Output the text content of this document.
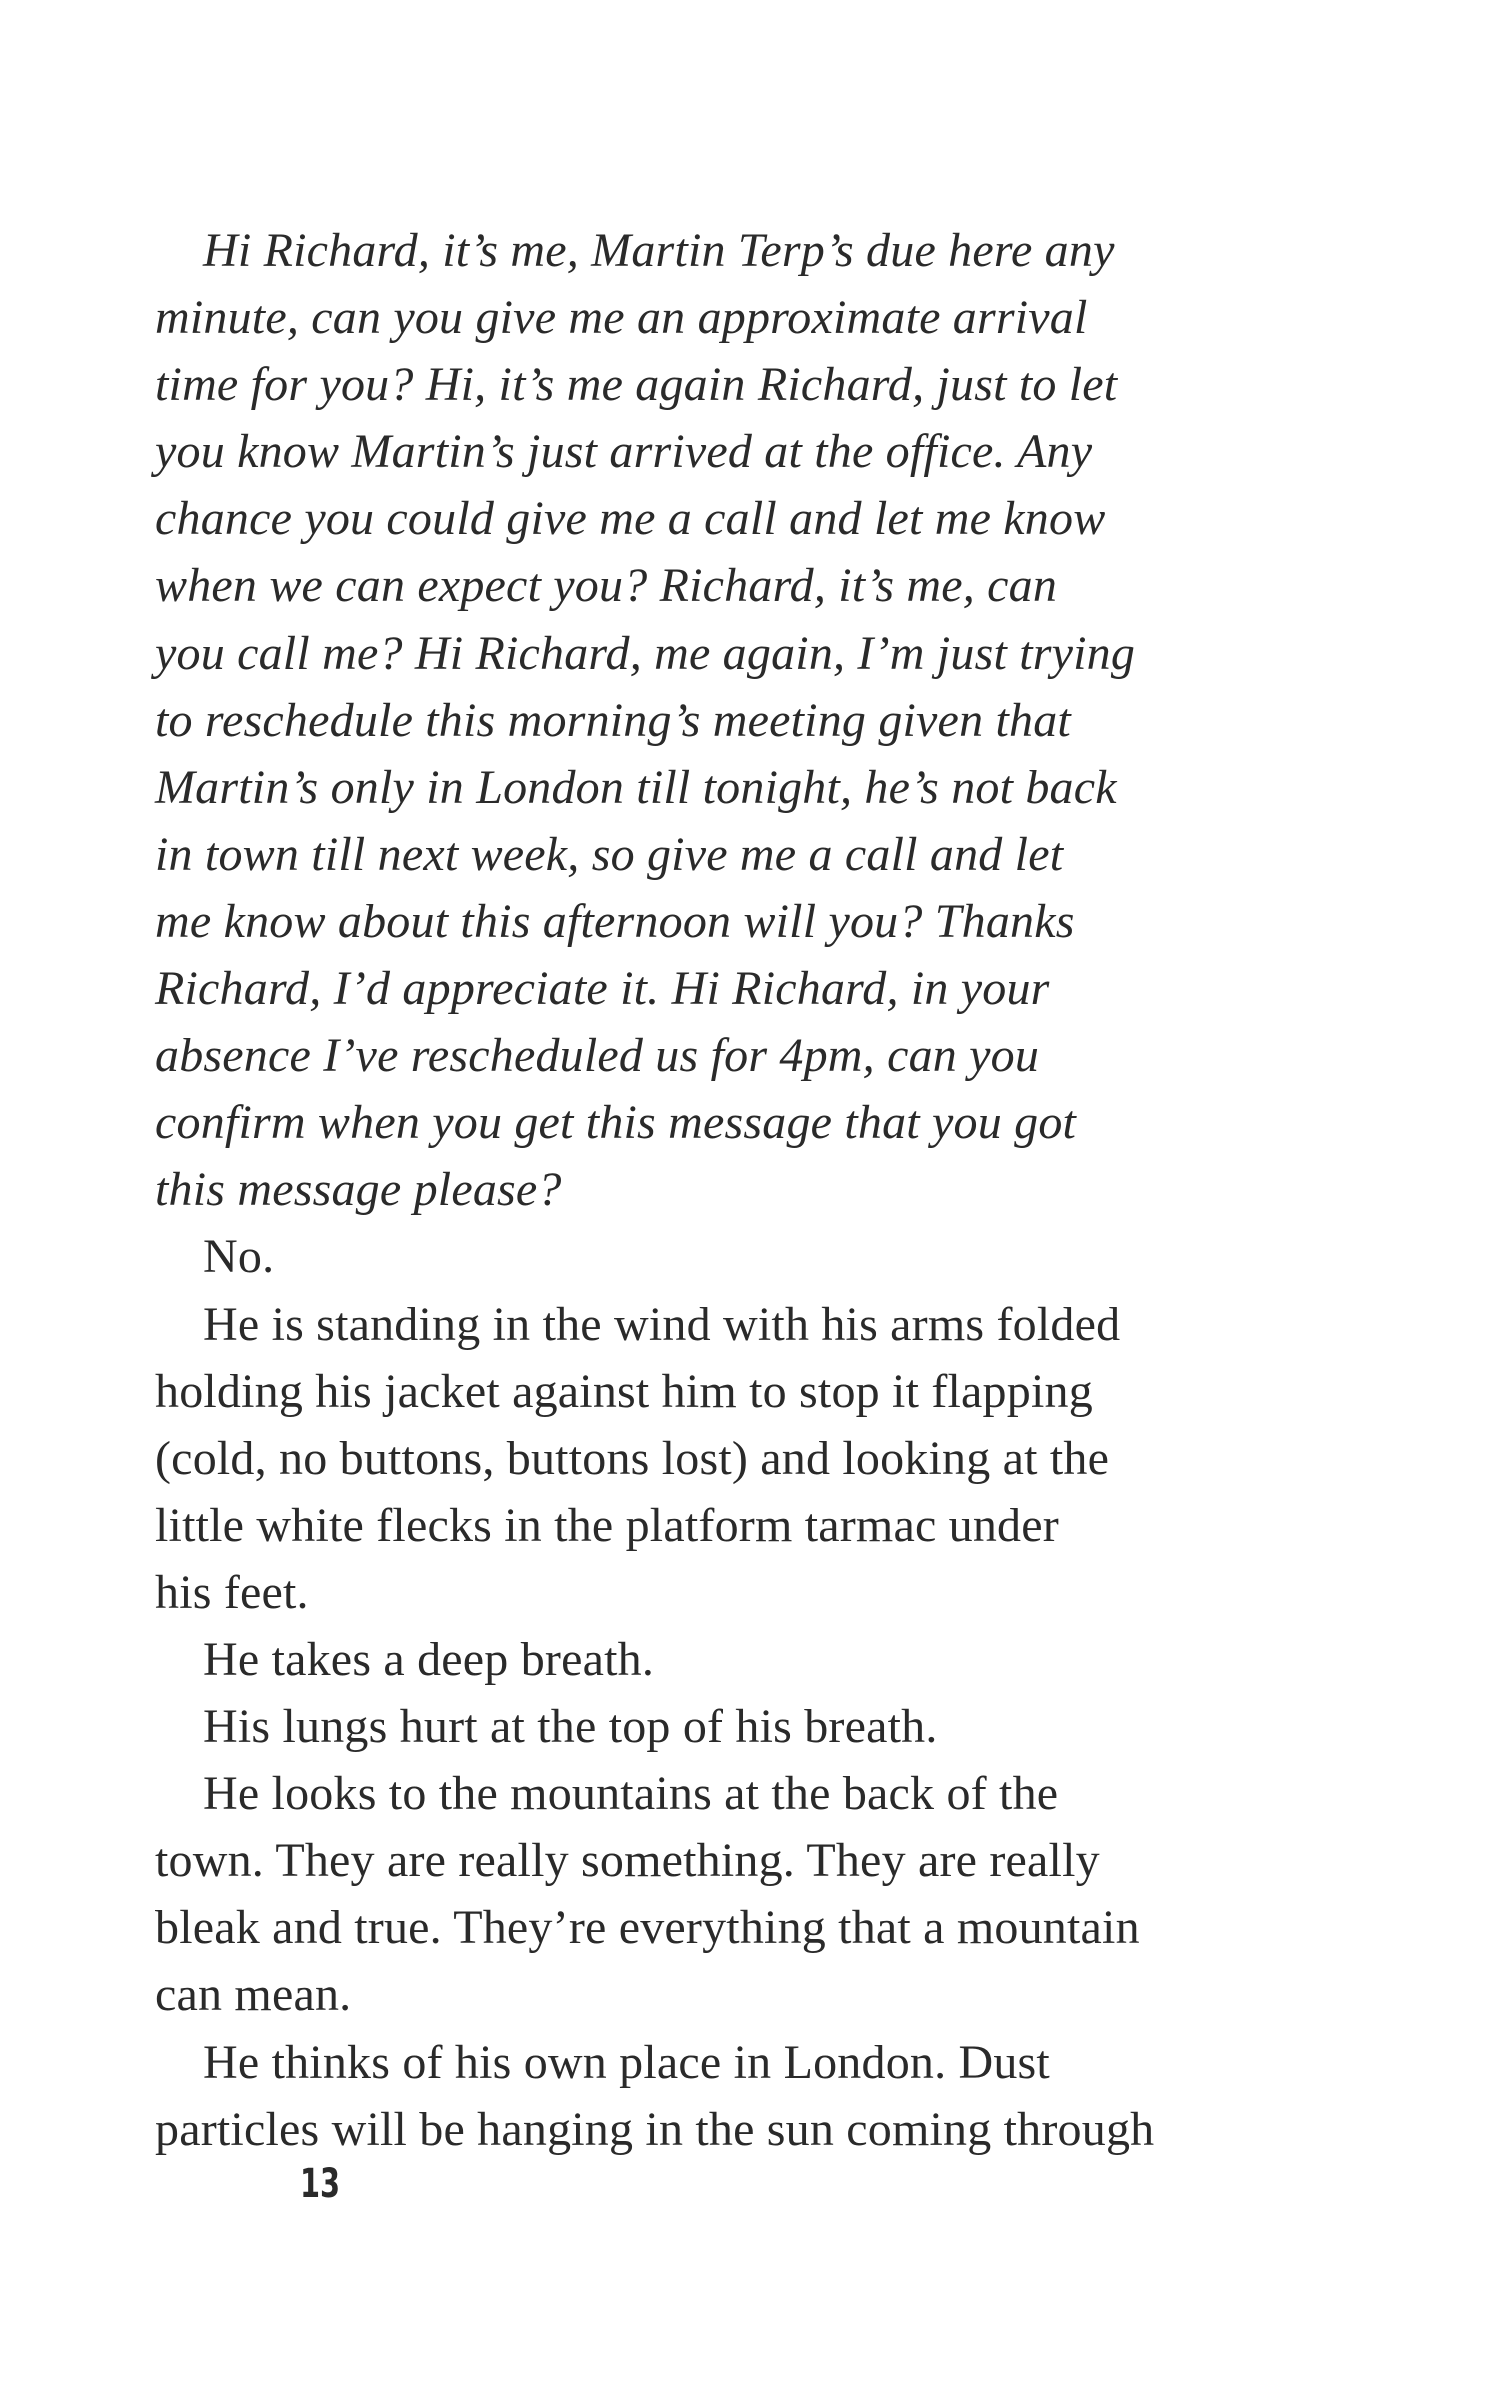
Hi Richard, it’s me, Martin Terp’s due here any
minute, can you give me an approximate arrival
time for you? Hi, it’s me again Richard, just to let
you know Martin’s just arrived at the office. Any
chance you could give me a call and let me know
when we can expect you? Richard, it’s me, can
you call me? Hi Richard, me again, I’m just trying
to reschedule this morning’s meeting given that
Martin’s only in London till tonight, he’s not back
in town till next week, so give me a call and let
me know about this afternoon will you? Thanks
Richard, I’d appreciate it. Hi Richard, in your
absence I’ve rescheduled us for 4pm, can you
confirm when you get this message that you got
this message please?
No.
He is standing in the wind with his arms folded
holding his jacket against him to stop it flapping
(cold, no buttons, buttons lost) and looking at the
little white flecks in the platform tarmac under
his feet.
He takes a deep breath.
His lungs hurt at the top of his breath.
He looks to the mountains at the back of the
town. They are really something. They are really
bleak and true. They’re everything that a mountain
can mean.
He thinks of his own place in London. Dust
particles will be hanging in the sun coming through
13
